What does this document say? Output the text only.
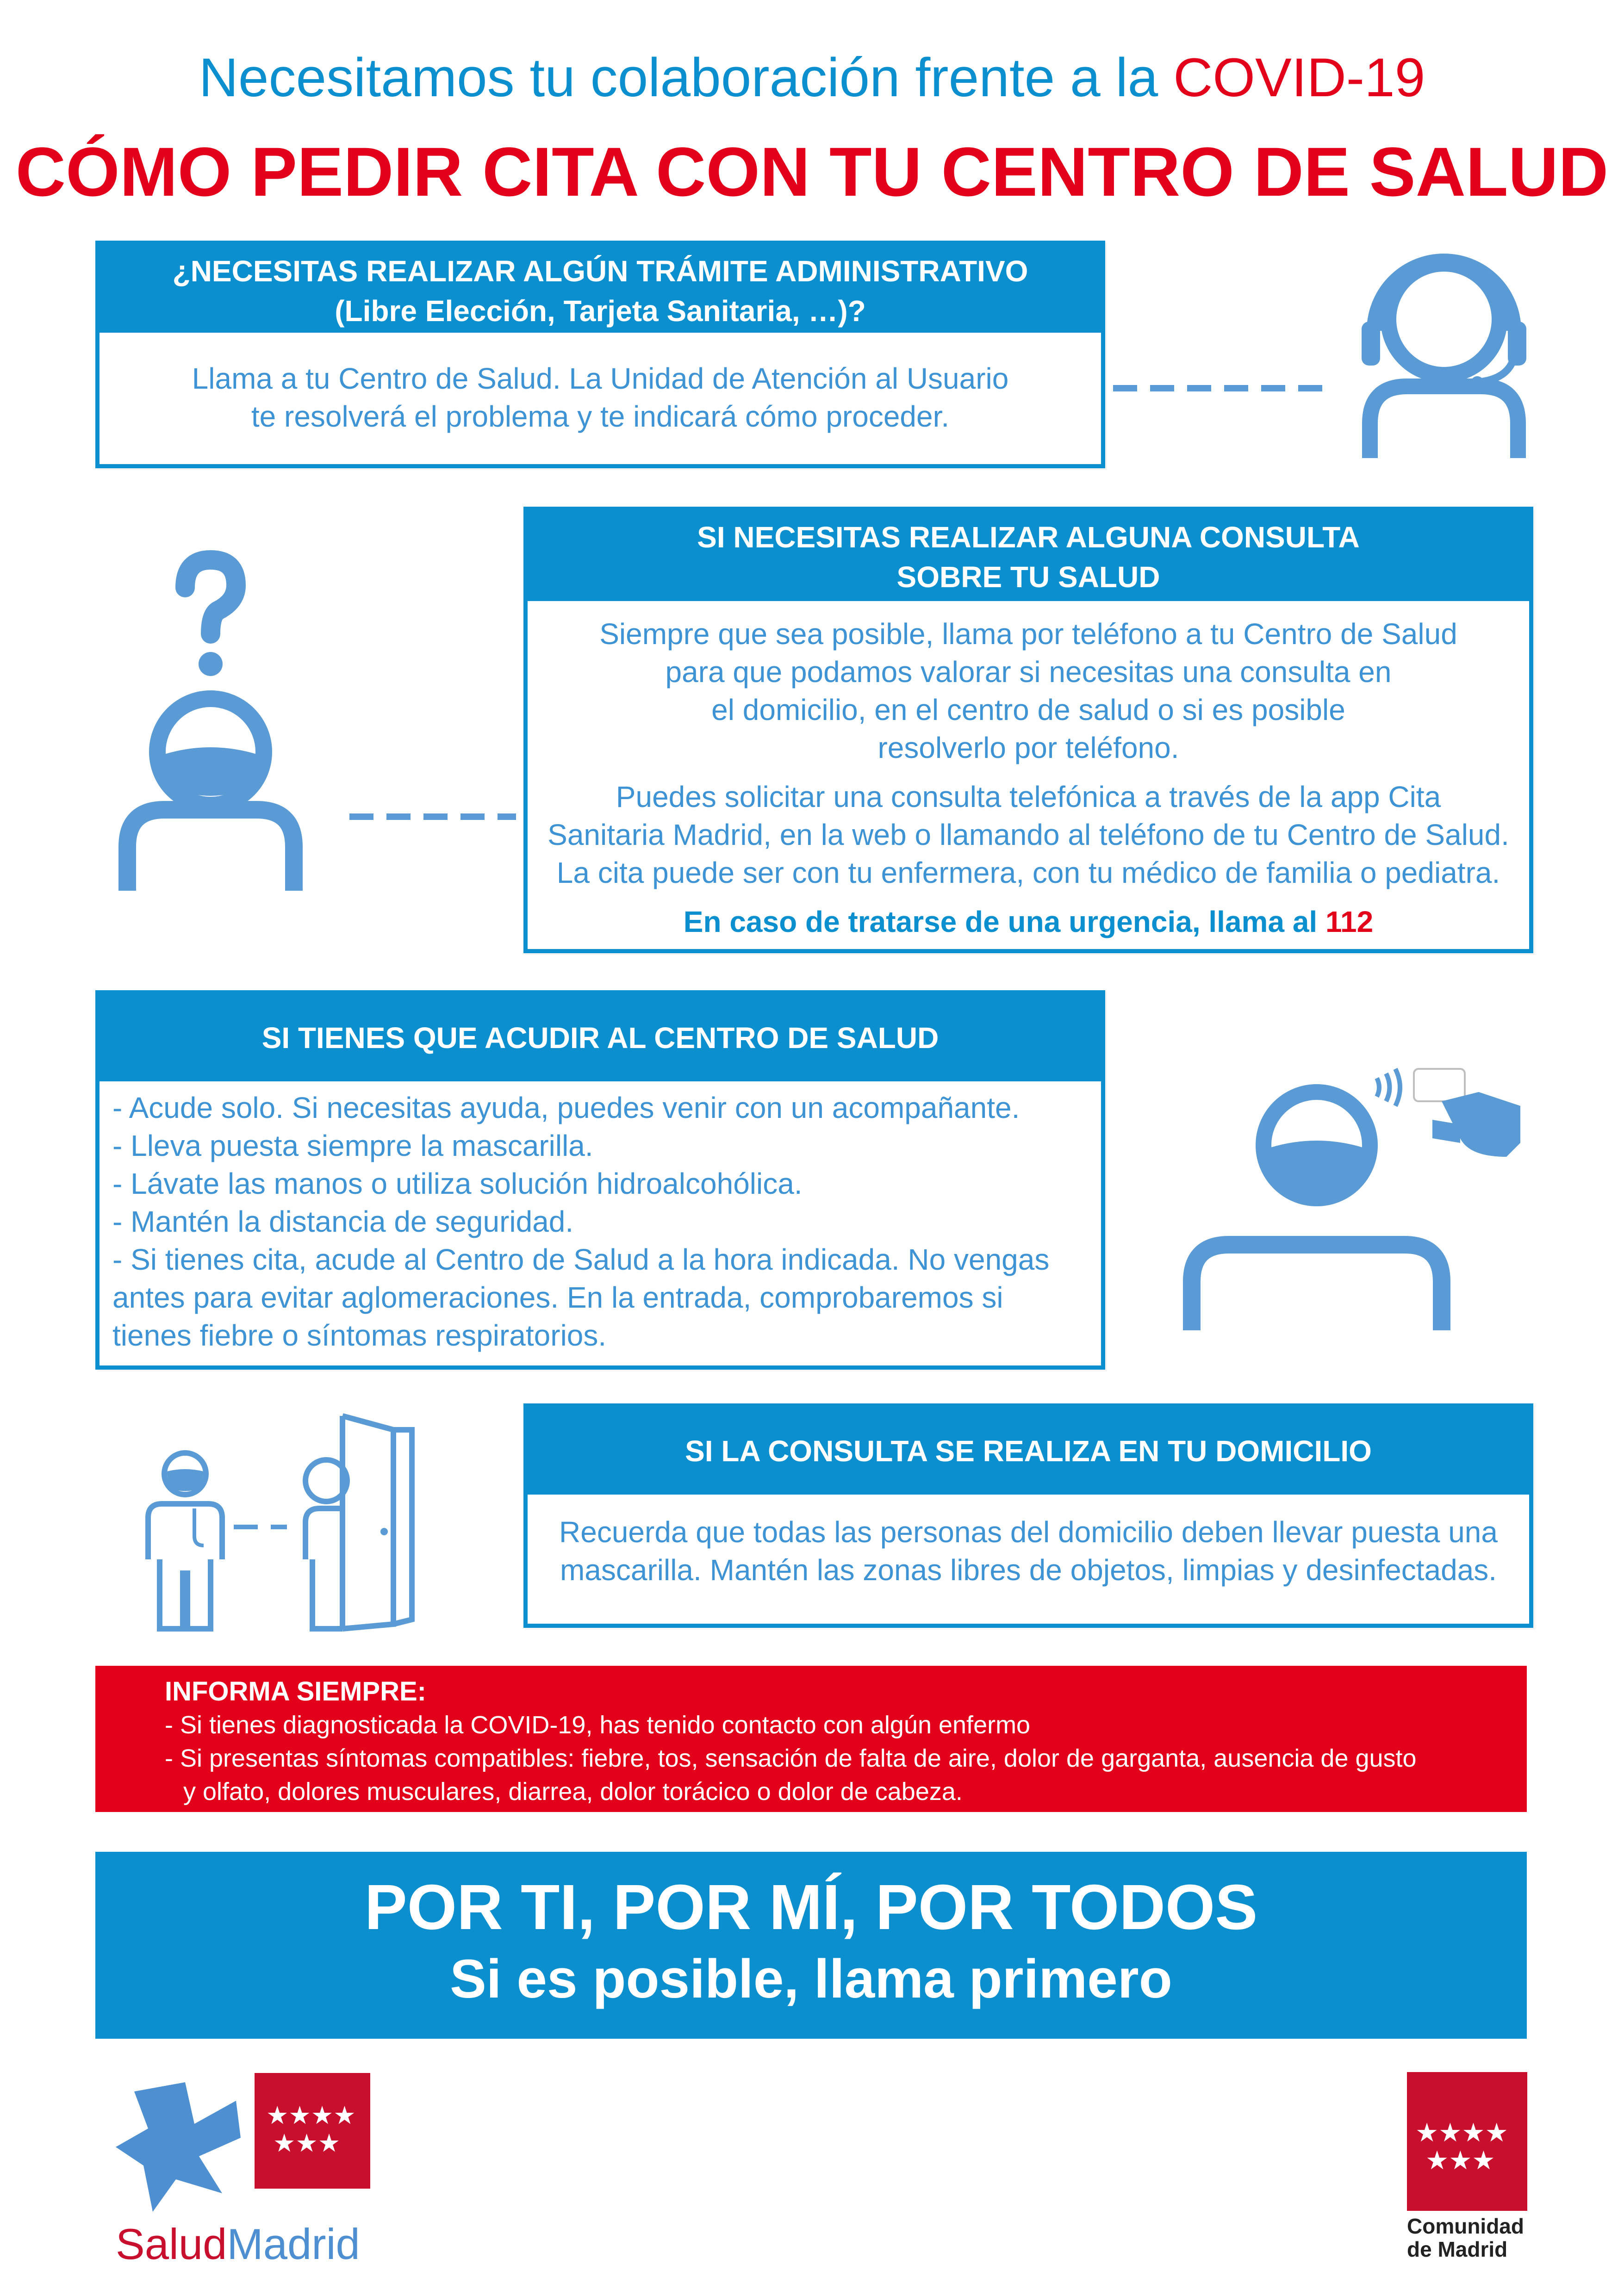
Necesitamos tu colaboración frente a la COVID-19
CÓMO PEDIR CITA CON TU CENTRO DE SALUD
¿NECESITAS REALIZAR ALGÚN TRÁMITE ADMINISTRATIVO
(Libre Elección, Tarjeta Sanitaria, …)?
Llama a tu Centro de Salud. La Unidad de Atención al Usuario
te resolverá el problema y te indicará cómo proceder.
SI NECESITAS REALIZAR ALGUNA CONSULTA
SOBRE TU SALUD
Siempre que sea posible, llama por teléfono a tu Centro de Salud
para que podamos valorar si necesitas una consulta en
el domicilio, en el centro de salud o si es posible
resolverlo por teléfono.
Puedes solicitar una consulta telefónica a través de la app Cita
Sanitaria Madrid, en la web o llamando al teléfono de tu Centro de Salud.
La cita puede ser con tu enfermera, con tu médico de familia o pediatra.
En caso de tratarse de una urgencia, llama al 112
SI TIENES QUE ACUDIR AL CENTRO DE SALUD
- Acude solo. Si necesitas ayuda, puedes venir con un acompañante.
- Lleva puesta siempre la mascarilla.
- Lávate las manos o utiliza solución hidroalcohólica.
- Mantén la distancia de seguridad.
- Si tienes cita, acude al Centro de Salud a la hora indicada. No vengas
antes para evitar aglomeraciones. En la entrada, comprobaremos si
tienes fiebre o síntomas respiratorios.
SI LA CONSULTA SE REALIZA EN TU DOMICILIO
Recuerda que todas las personas del domicilio deben llevar puesta una
mascarilla. Mantén las zonas libres de objetos, limpias y desinfectadas.
INFORMA SIEMPRE:
- Si tienes diagnosticada la COVID-19, has tenido contacto con algún enfermo
- Si presentas síntomas compatibles: fiebre, tos, sensación de falta de aire, dolor de garganta, ausencia de gusto
y olfato, dolores musculares, diarrea, dolor torácico o dolor de cabeza.
POR TI, POR MÍ, POR TODOS
Si es posible, llama primero
★★★★
★★★
SaludMadrid
★★★★
★★★
Comunidad
de Madrid
